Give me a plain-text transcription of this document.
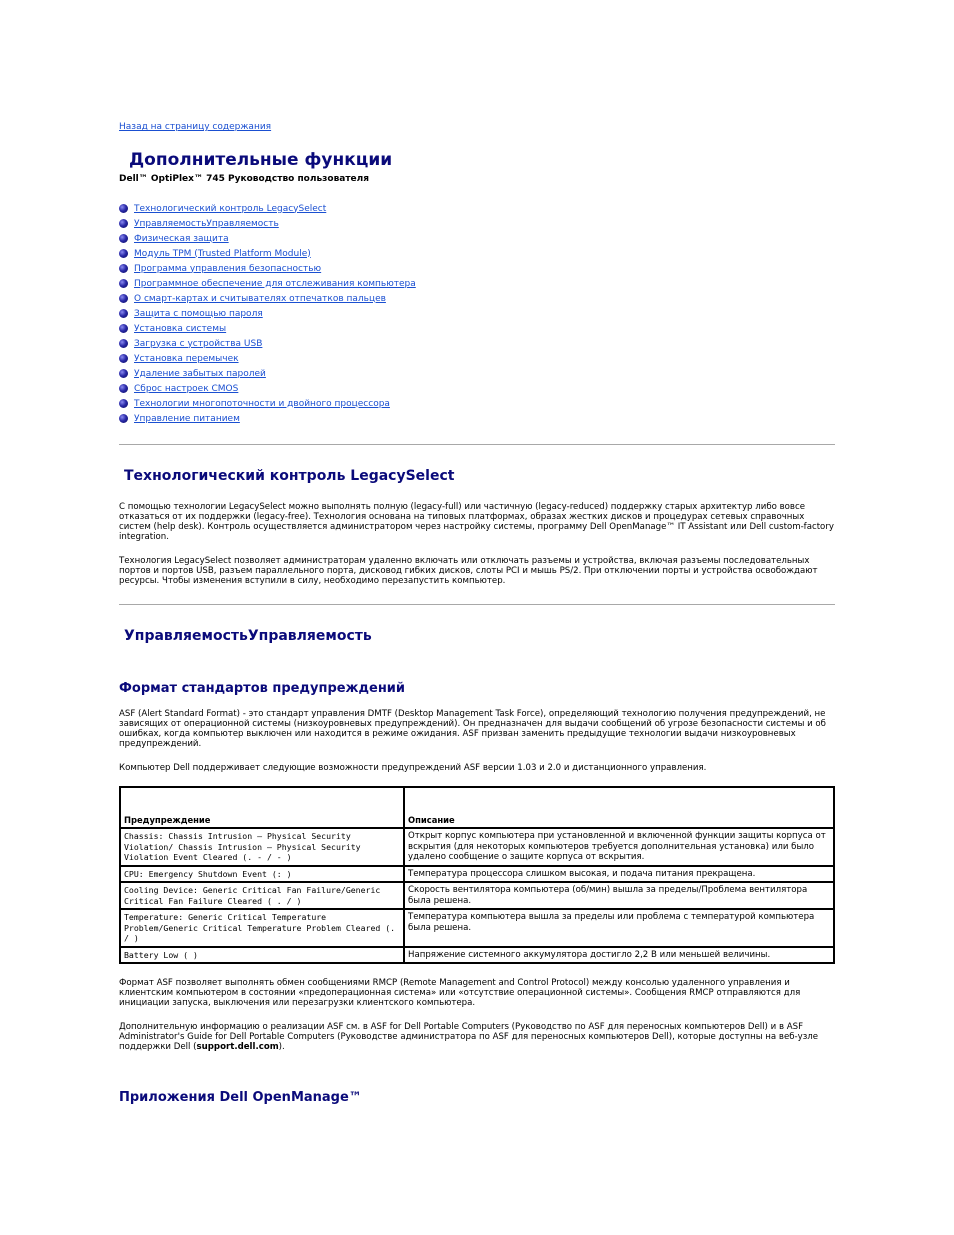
Назад на страницу содержания
Дополнительные функции
Dell™ OptiPlex™ 745 Руководство пользователя
Технологический контроль LegacySelect
УправляемостьУправляемость
Физическая защита
Модуль TPM (Trusted Platform Module)
Программа управления безопасностью
Программное обеспечение для отслеживания компьютера
О смарт-картах и считывателях отпечатков пальцев
Защита с помощью пароля
Установка системы
Загрузка с устройства USB
Установка перемычек
Удаление забытых паролей
Сброс настроек CMOS
Технологии многопоточности и двойного процессора
Управление питанием
Технологический контроль LegacySelect

С помощью технологии LegacySelect можно выполнять полную (legacy-full) или частичную (legacy-reduced) поддержку старых архитектур либо вовсе отказаться от их поддержки (legacy-free). Технология основана на типовых платформах, образах жестких дисков и процедурах сетевых справочных систем (help desk). Контроль осуществляется администратором через настройку системы, программу Dell OpenManage™ IT Assistant или Dell custom-factory integration.

Технология LegacySelect позволяет администраторам удаленно включать или отключать разъемы и устройства, включая разъемы последовательных портов и портов USB, разъем параллельного порта, дисковод гибких дисков, слоты PCI и мышь PS/2. При отключении порты и устройства освобождают ресурсы. Чтобы изменения вступили в силу, необходимо перезапустить компьютер.

УправляемостьУправляемость
Формат стандартов предупреждений

ASF (Alert Standard Format) - это стандарт управления DMTF (Desktop Management Task Force), определяющий технологию получения предупреждений, не зависящих от операционной системы (низкоуровневых предупреждений). Он предназначен для выдачи сообщений об угрозе безопасности системы и об ошибках, когда компьютер выключен или находится в режиме ожидания. ASF призван заменить предыдущие технологии выдачи низкоуровневых предупреждений.

Компьютер Dell поддерживает следующие возможности предупреждений ASF версии 1.03 и 2.0 и дистанционного управления.

Предупреждение	Описание
Chassis: Chassis Intrusion – Physical Security Violation/ Chassis Intrusion – Physical Security Violation Event Cleared (. - / - )	Открыт корпус компьютера при установленной и включенной функции защиты корпуса от вскрытия (для некоторых компьютеров требуется дополнительная установка) или было удалено сообщение о защите корпуса от вскрытия.
CPU: Emergency Shutdown Event (: )	Температура процессора слишком высокая, и подача питания прекращена.
Cooling Device: Generic Critical Fan Failure/Generic Critical Fan Failure Cleared ( . / )	Скорость вентилятора компьютера (об/мин) вышла за пределы/Проблема вентилятора была решена.
Temperature: Generic Critical Temperature Problem/Generic Critical Temperature Problem Cleared (. / )	Температура компьютера вышла за пределы или проблема с температурой компьютера была решена.
Battery Low ( )	Напряжение системного аккумулятора достигло 2,2 В или меньшей величины.

Формат ASF позволяет выполнять обмен сообщениями RMCP (Remote Management and Control Protocol) между консолью удаленного управления и клиентским компьютером в состоянии «предоперационная система» или «отсутствие операционной системы». Сообщения RMCP отправляются для инициации запуска, выключения или перезагрузки клиентского компьютера.

Дополнительную информацию о реализации ASF см. в ASF for Dell Portable Computers (Руководство по ASF для переносных компьютеров Dell) и в ASF Administrator's Guide for Dell Portable Computers (Руководстве администратора по ASF для переносных компьютеров Dell), которые доступны на веб-узле поддержки Dell (support.dell.com).

Приложения Dell OpenManage™
